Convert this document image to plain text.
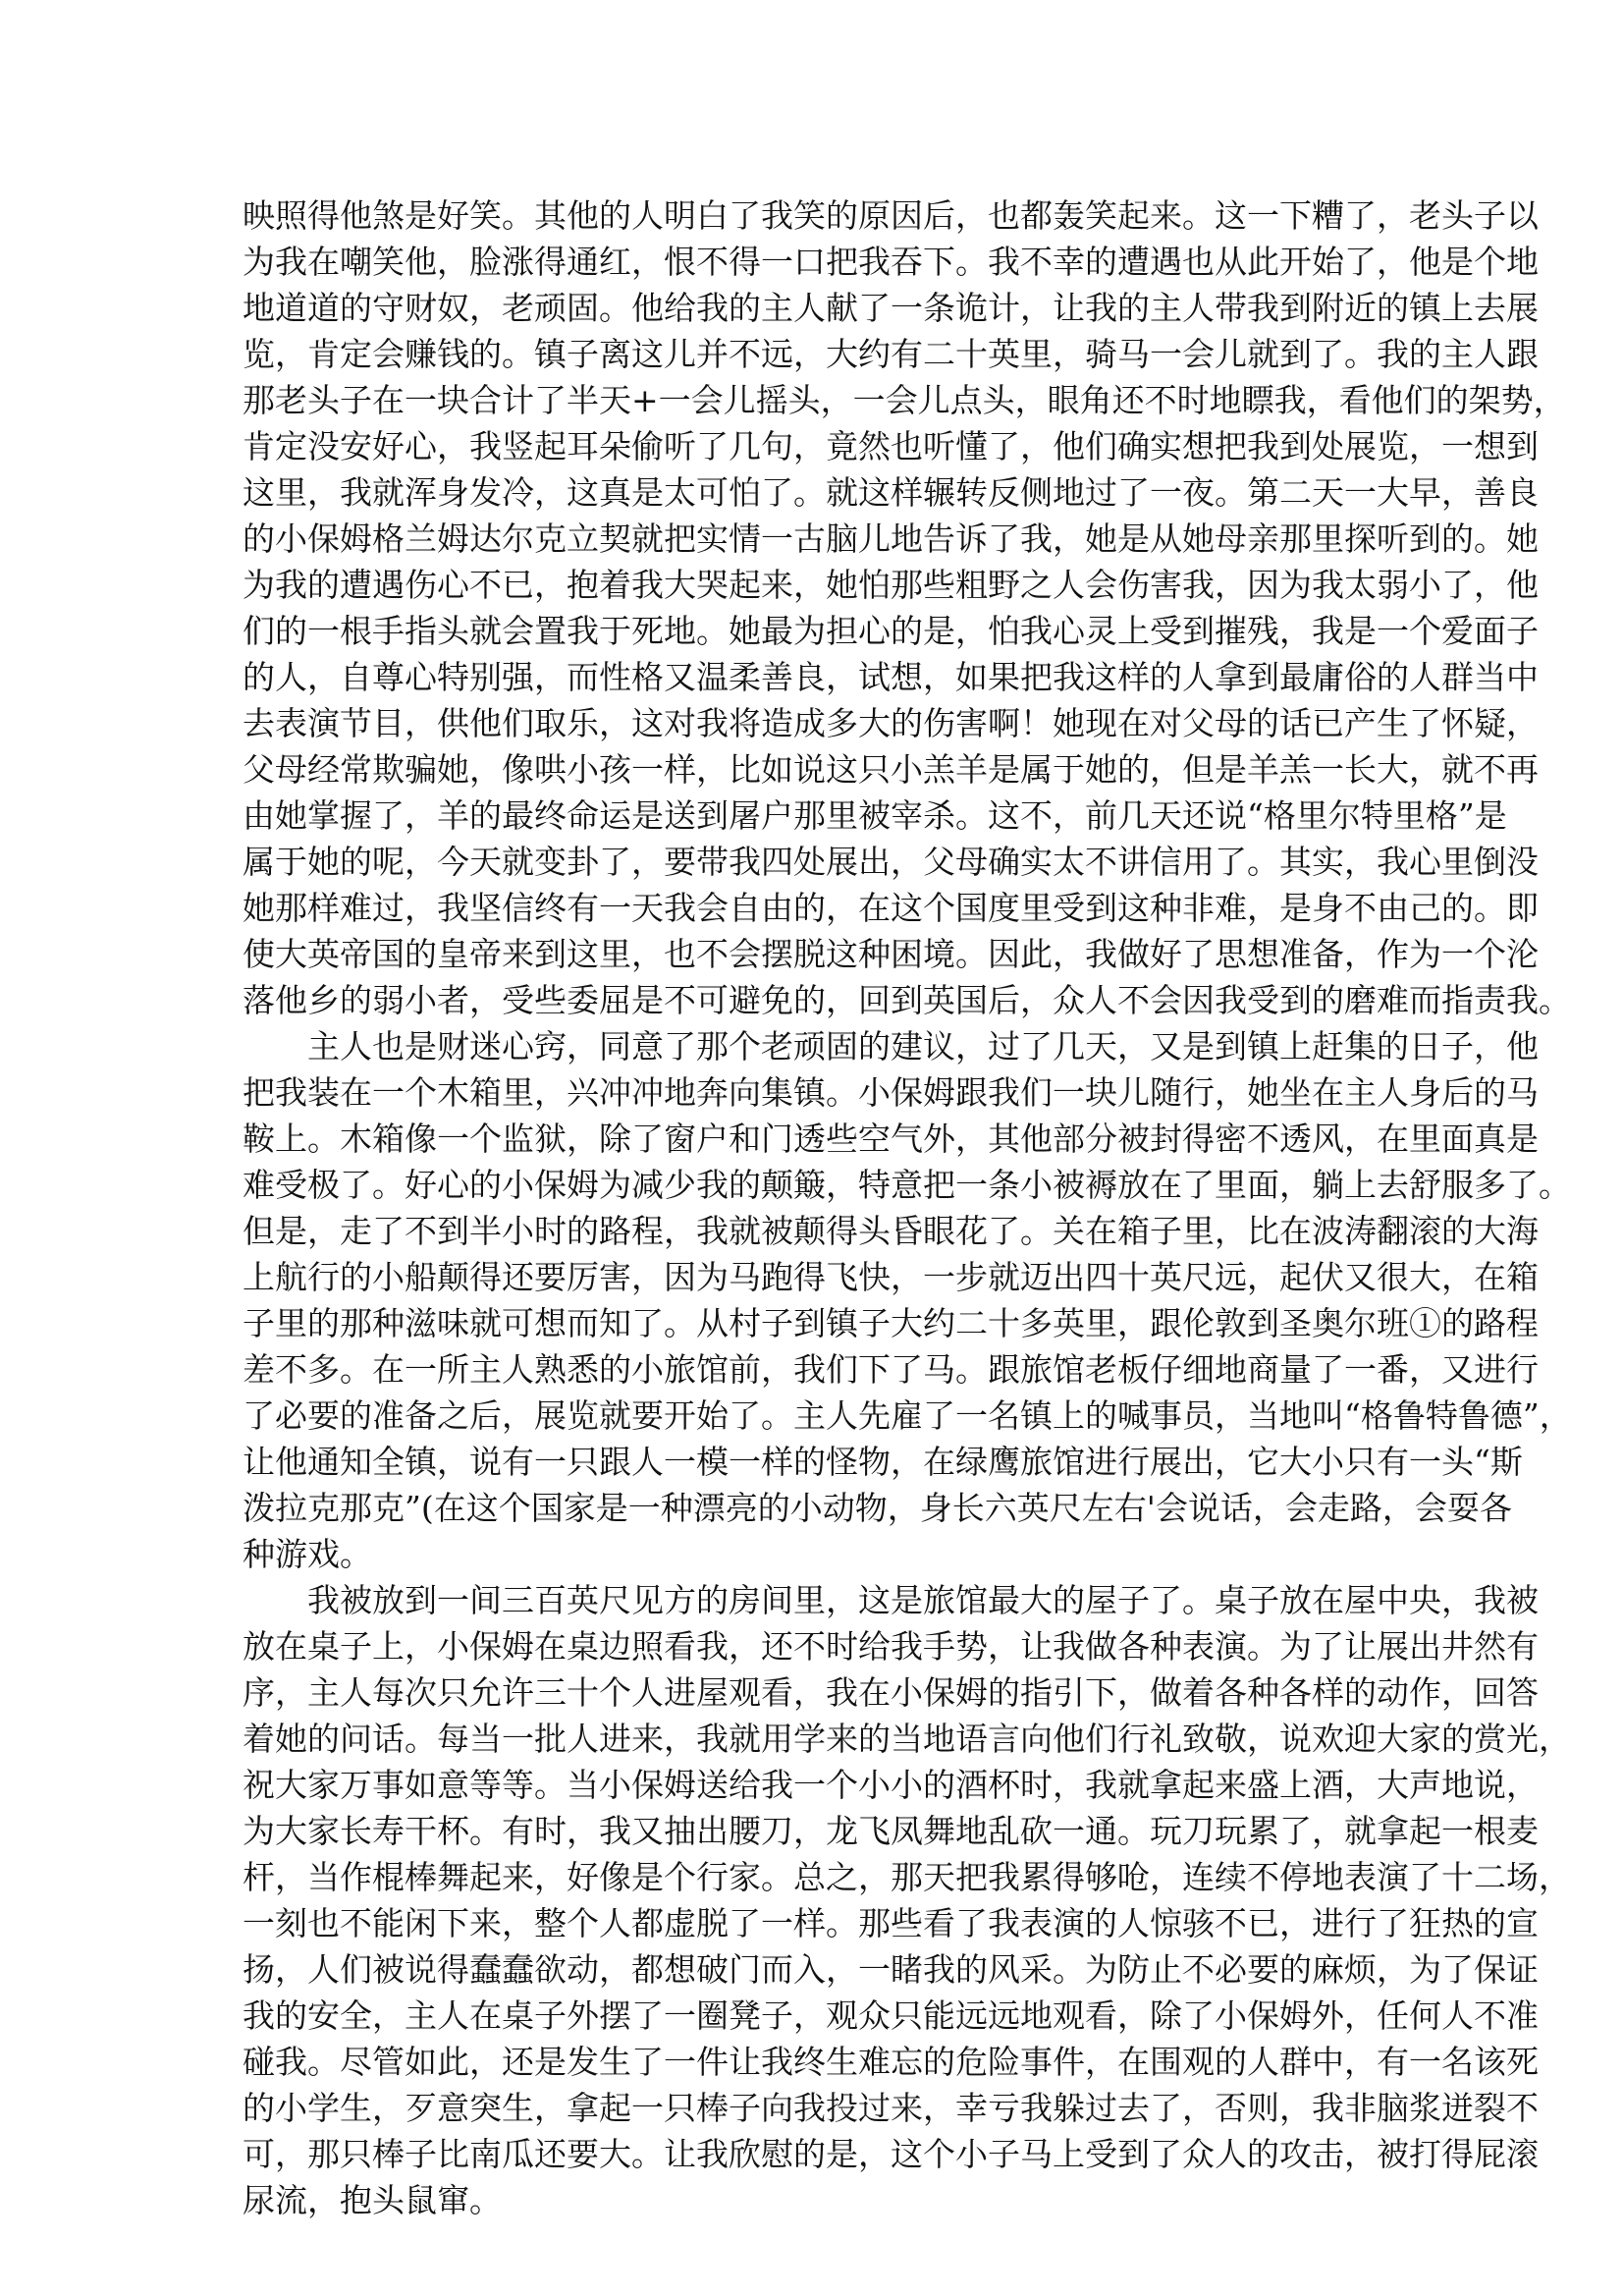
映照得他煞是好笑。其他的人明白了我笑的原因后，也都轰笑起来。这一下糟了，老头子以
为我在嘲笑他，脸涨得通红，恨不得一口把我吞下。我不幸的遭遇也从此开始了，他是个地
地道道的守财奴，老顽固。他给我的主人献了一条诡计，让我的主人带我到附近的镇上去展
览，肯定会赚钱的。镇子离这儿并不远，大约有二十英里，骑马一会儿就到了。我的主人跟
那老头子在一块合计了半天+一会儿摇头，一会儿点头，眼角还不时地瞟我，看他们的架势，
肯定没安好心，我竖起耳朵偷听了几句，竟然也听懂了，他们确实想把我到处展览，一想到
这里，我就浑身发冷，这真是太可怕了。就这样辗转反侧地过了一夜。第二天一大早，善良
的小保姆格兰姆达尔克立契就把实情一古脑儿地告诉了我，她是从她母亲那里探听到的。她
为我的遭遇伤心不已，抱着我大哭起来，她怕那些粗野之人会伤害我，因为我太弱小了，他
们的一根手指头就会置我于死地。她最为担心的是，怕我心灵上受到摧残，我是一个爱面子
的人，自尊心特别强，而性格又温柔善良，试想，如果把我这样的人拿到最庸俗的人群当中
去表演节目，供他们取乐，这对我将造成多大的伤害啊！她现在对父母的话已产生了怀疑，
父母经常欺骗她，像哄小孩一样，比如说这只小羔羊是属于她的，但是羊羔一长大，就不再
由她掌握了，羊的最终命运是送到屠户那里被宰杀。这不，前几天还说“格里尔特里格”是
属于她的呢，今天就变卦了，要带我四处展出，父母确实太不讲信用了。其实，我心里倒没
她那样难过，我坚信终有一天我会自由的，在这个国度里受到这种非难，是身不由己的。即
使大英帝国的皇帝来到这里，也不会摆脱这种困境。因此，我做好了思想准备，作为一个沦
落他乡的弱小者，受些委屈是不可避免的，回到英国后，众人不会因我受到的磨难而指责我。
主人也是财迷心窍，同意了那个老顽固的建议，过了几天，又是到镇上赶集的日子，他
把我装在一个木箱里，兴冲冲地奔向集镇。小保姆跟我们一块儿随行，她坐在主人身后的马
鞍上。木箱像一个监狱，除了窗户和门透些空气外，其他部分被封得密不透风，在里面真是
难受极了。好心的小保姆为减少我的颠簸，特意把一条小被褥放在了里面，躺上去舒服多了。
但是，走了不到半小时的路程，我就被颠得头昏眼花了。关在箱子里，比在波涛翻滚的大海
上航行的小船颠得还要厉害，因为马跑得飞快，一步就迈出四十英尺远，起伏又很大，在箱
子里的那种滋味就可想而知了。从村子到镇子大约二十多英里，跟伦敦到圣奥尔班①的路程
差不多。在一所主人熟悉的小旅馆前，我们下了马。跟旅馆老板仔细地商量了一番，又进行
了必要的准备之后，展览就要开始了。主人先雇了一名镇上的喊事员，当地叫“格鲁特鲁德”，
让他通知全镇，说有一只跟人一模一样的怪物，在绿鹰旅馆进行展出，它大小只有一头“斯
泼拉克那克”(在这个国家是一种漂亮的小动物，身长六英尺左右'会说话，会走路，会耍各
种游戏。
我被放到一间三百英尺见方的房间里，这是旅馆最大的屋子了。桌子放在屋中央，我被
放在桌子上，小保姆在桌边照看我，还不时给我手势，让我做各种表演。为了让展出井然有
序，主人每次只允许三十个人进屋观看，我在小保姆的指引下，做着各种各样的动作，回答
着她的问话。每当一批人进来，我就用学来的当地语言向他们行礼致敬，说欢迎大家的赏光，
祝大家万事如意等等。当小保姆送给我一个小小的酒杯时，我就拿起来盛上酒，大声地说，
为大家长寿干杯。有时，我又抽出腰刀，龙飞凤舞地乱砍一通。玩刀玩累了，就拿起一根麦
杆，当作棍棒舞起来，好像是个行家。总之，那天把我累得够呛，连续不停地表演了十二场，
一刻也不能闲下来，整个人都虚脱了一样。那些看了我表演的人惊骇不已，进行了狂热的宣
扬，人们被说得蠢蠢欲动，都想破门而入，一睹我的风采。为防止不必要的麻烦，为了保证
我的安全，主人在桌子外摆了一圈凳子，观众只能远远地观看，除了小保姆外，任何人不准
碰我。尽管如此，还是发生了一件让我终生难忘的危险事件，在围观的人群中，有一名该死
的小学生，歹意突生，拿起一只棒子向我投过来，幸亏我躲过去了，否则，我非脑浆迸裂不
可，那只棒子比南瓜还要大。让我欣慰的是，这个小子马上受到了众人的攻击，被打得屁滚
尿流，抱头鼠窜。
